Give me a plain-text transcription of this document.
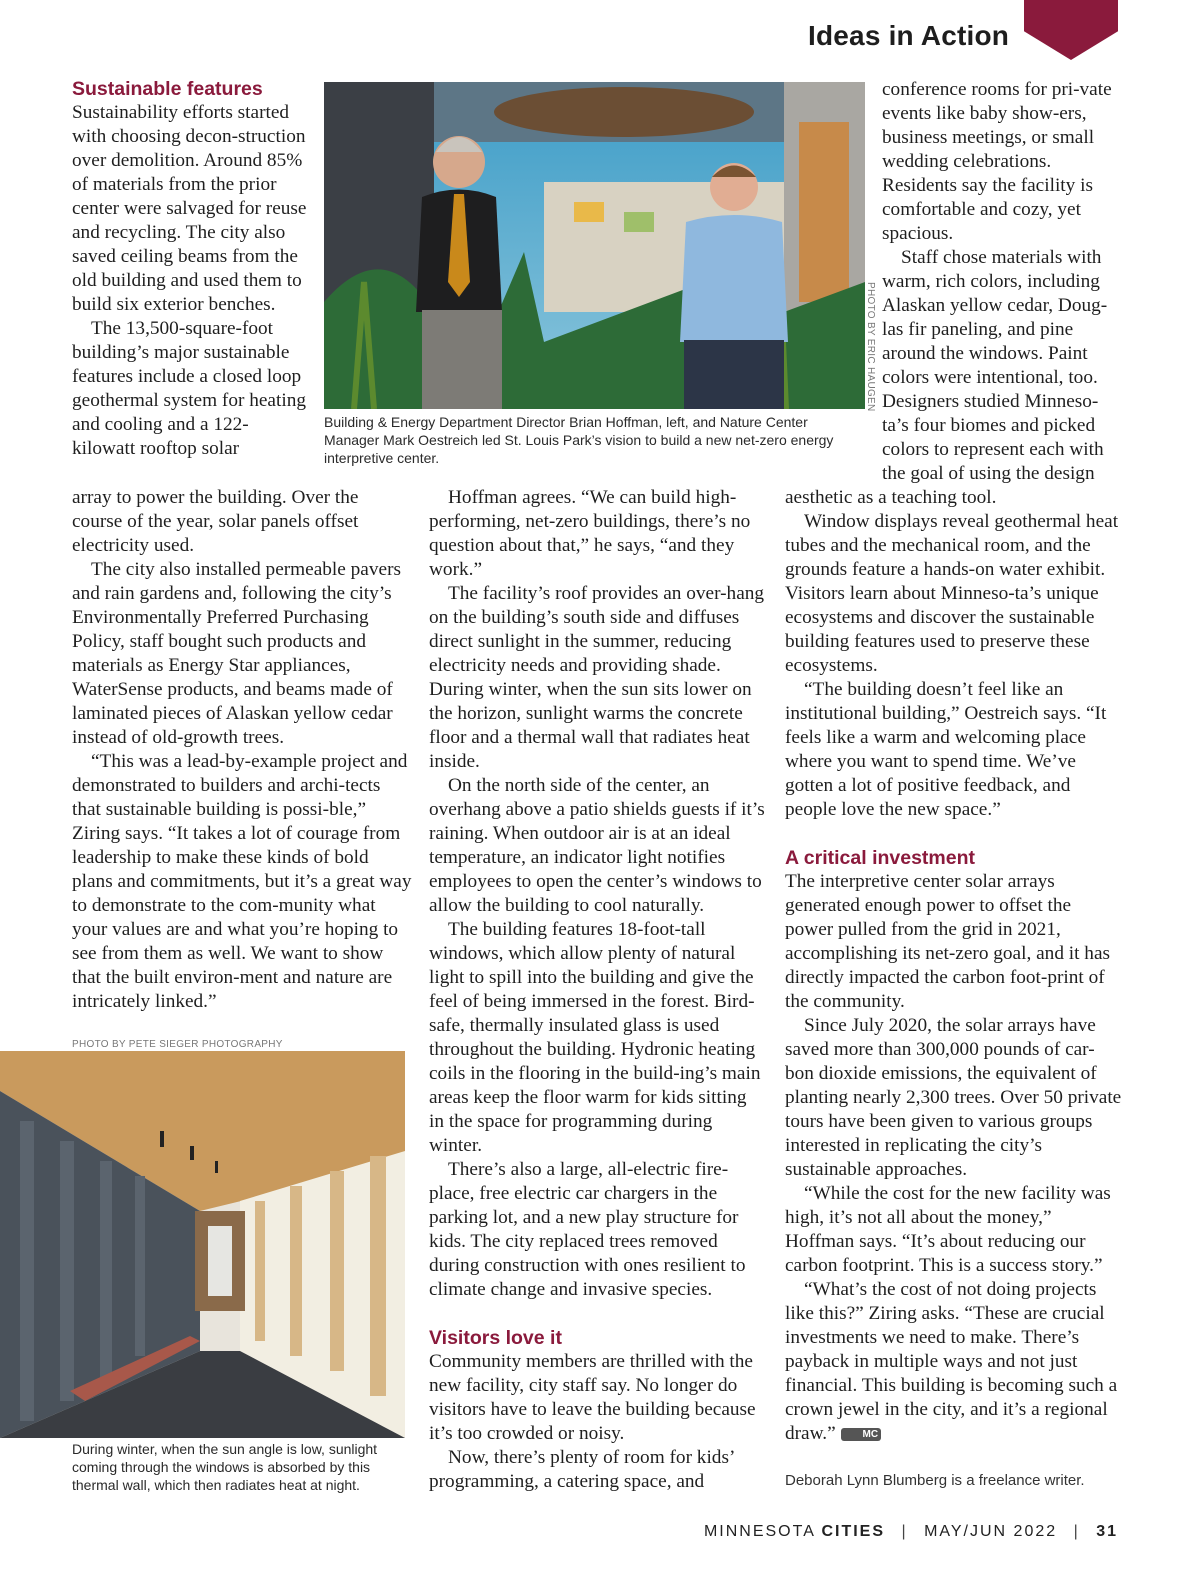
Ideas in Action
PHOTO BY ERIC HAUGEN
Building & Energy Department Director Brian Hoffman, left, and Nature Center Manager Mark Oestreich led St. Louis Park’s vision to build a new net-zero energy interpretive center.
Sustainable features

Sustainability efforts started with choosing decon-struction over demolition. Around 85% of materials from the prior center were salvaged for reuse and recycling. The city also saved ceiling beams from the old building and used them to build six exterior benches.

The 13,500-square-foot building’s major sustainable features include a closed loop geothermal system for heating and cooling and a 122-kilowatt rooftop solar

array to power the building. Over the course of the year, solar panels offset electricity used.

The city also installed permeable pavers and rain gardens and, following the city’s Environmentally Preferred Purchasing Policy, staff bought such products and materials as Energy Star appliances, WaterSense products, and beams made of laminated pieces of Alaskan yellow cedar instead of old-growth trees.

“This was a lead-by-example project and demonstrated to builders and archi-tects that sustainable building is possi-ble,” Ziring says. “It takes a lot of courage from leadership to make these kinds of bold plans and commitments, but it’s a great way to demonstrate to the com-munity what your values are and what you’re hoping to see from them as well. We want to show that the built environ-ment and nature are intricately linked.”

PHOTO BY PETE SIEGER PHOTOGRAPHY
During winter, when the sun angle is low, sunlight coming through the windows is absorbed by this thermal wall, which then radiates heat at night.

Hoffman agrees. “We can build high-performing, net-zero buildings, there’s no question about that,” he says, “and they work.”

The facility’s roof provides an over-hang on the building’s south side and diffuses direct sunlight in the summer, reducing electricity needs and providing shade. During winter, when the sun sits lower on the horizon, sunlight warms the concrete floor and a thermal wall that radiates heat inside.

On the north side of the center, an overhang above a patio shields guests if it’s raining. When outdoor air is at an ideal temperature, an indicator light notifies employees to open the center’s windows to allow the building to cool naturally.

The building features 18-foot-tall windows, which allow plenty of natural light to spill into the building and give the feel of being immersed in the forest. Bird-safe, thermally insulated glass is used throughout the building. Hydronic heating coils in the flooring in the build-ing’s main areas keep the floor warm for kids sitting in the space for programming during winter.

There’s also a large, all-electric fire-place, free electric car chargers in the parking lot, and a new play structure for kids. The city replaced trees removed during construction with ones resilient to climate change and invasive species.

Visitors love it

Community members are thrilled with the new facility, city staff say. No longer do visitors have to leave the building because it’s too crowded or noisy.

Now, there’s plenty of room for kids’ programming, a catering space, and

conference rooms for pri-vate events like baby show-ers, business meetings, or small wedding celebrations. Residents say the facility is comfortable and cozy, yet spacious.

Staff chose materials with warm, rich colors, including Alaskan yellow cedar, Doug-las fir paneling, and pine around the windows. Paint colors were intentional, too. Designers studied Minneso-ta’s four biomes and picked colors to represent each with the goal of using the design

aesthetic as a teaching tool.

Window displays reveal geothermal heat tubes and the mechanical room, and the grounds feature a hands-on water exhibit. Visitors learn about Minneso-ta’s unique ecosystems and discover the sustainable building features used to preserve these ecosystems.

“The building doesn’t feel like an institutional building,” Oestreich says. “It feels like a warm and welcoming place where you want to spend time. We’ve gotten a lot of positive feedback, and people love the new space.”

A critical investment

The interpretive center solar arrays generated enough power to offset the power pulled from the grid in 2021, accomplishing its net-zero goal, and it has directly impacted the carbon foot-print of the community.

Since July 2020, the solar arrays have saved more than 300,000 pounds of car-bon dioxide emissions, the equivalent of planting nearly 2,300 trees. Over 50 private tours have been given to various groups interested in replicating the city’s sustainable approaches.

“While the cost for the new facility was high, it’s not all about the money,” Hoffman says. “It’s about reducing our carbon footprint. This is a success story.”

“What’s the cost of not doing projects like this?” Ziring asks. “These are crucial investments we need to make. There’s payback in multiple ways and not just financial. This building is becoming such a crown jewel in the city, and it’s a regional draw.”	MC

Deborah Lynn Blumberg is a freelance writer.
MINNESOTA CITIES | MAY/JUN 2022 | 31
